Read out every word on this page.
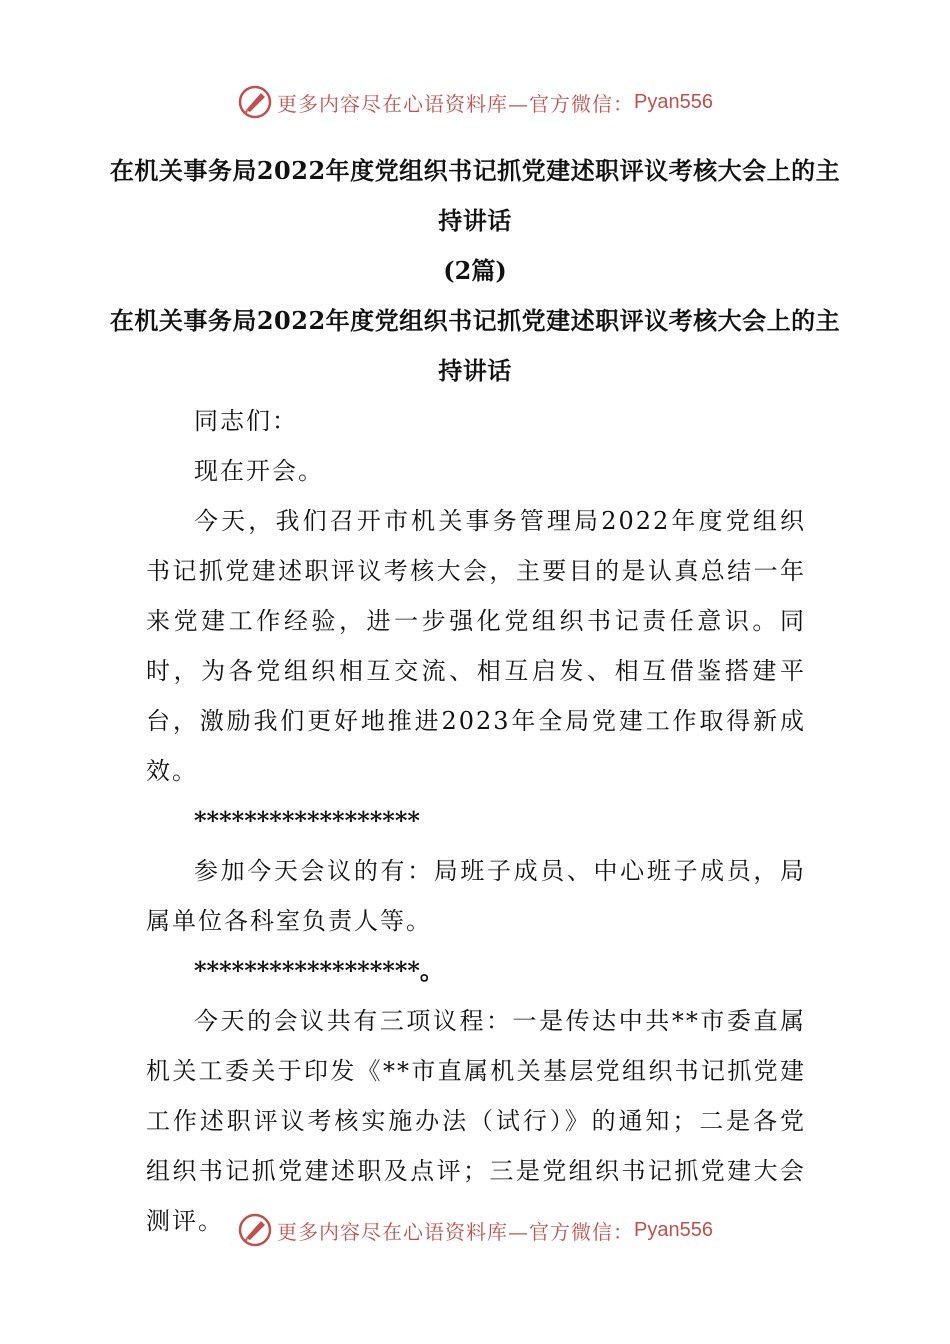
更多内容尽在心语资料库—官方微信： Pyan556
在机关事务局2022年度党组织书记抓党建述职评议考核大会上的主持讲话
(2篇)
在机关事务局2022年度党组织书记抓党建述职评议考核大会上的主持讲话

同志们：

现在开会。

今天，我们召开市机关事务管理局2022年度党组织书记抓党建述职评议考核大会，主要目的是认真总结一年来党建工作经验，进一步强化党组织书记责任意识。同时，为各党组织相互交流、相互启发、相互借鉴搭建平台，激励我们更好地推进2023年全局党建工作取得新成效。

******************

参加今天会议的有：局班子成员、中心班子成员，局属单位各科室负责人等。

******************。

今天的会议共有三项议程：一是传达中共**市委直属机关工委关于印发《**市直属机关基层党组织书记抓党建工作述职评议考核实施办法（试行）》的通知；二是各党组织书记抓党建述职及点评；三是党组织书记抓党建大会测评。	更多内容尽在心语资料库—官方微信： Pyan556
